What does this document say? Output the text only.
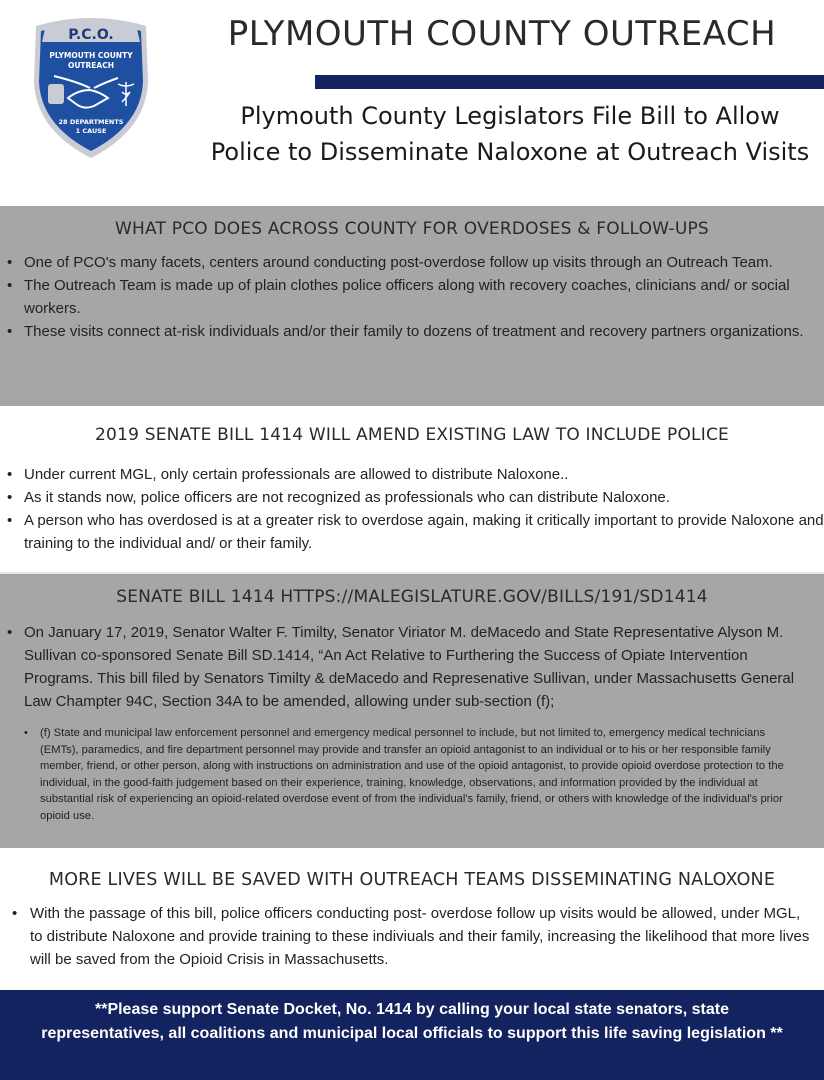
P.C.O.
PLYMOUTH COUNTY
OUTREACH
28 DEPARTMENTS
1 CAUSE
PLYMOUTH COUNTY OUTREACH
Plymouth County Legislators File Bill to Allow Police to Disseminate Naloxone at Outreach Visits
WHAT PCO DOES ACROSS COUNTY FOR OVERDOSES & FOLLOW-UPS
• One of PCO's many facets, centers around conducting post-overdose follow up visits through an Outreach Team.
• The Outreach Team is made up of plain clothes police officers along with recovery coaches, clinicians and/ or social workers.
• These visits connect at-risk individuals and/or their family to dozens of treatment and recovery partners organizations.
2019 SENATE BILL 1414 WILL AMEND EXISTING LAW TO INCLUDE POLICE
• Under current MGL, only certain professionals are allowed to distribute Naloxone..
• As it stands now, police officers are not recognized as professionals who can distribute Naloxone.
• A person who has overdosed is at a greater risk to overdose again, making it critically important to provide Naloxone and training to the individual and/ or their family.
SENATE BILL 1414 HTTPS://MALEGISLATURE.GOV/BILLS/191/SD1414
• On January 17, 2019, Senator Walter F. Timilty, Senator Viriator M. deMacedo and State Representative Alyson M. Sullivan co-sponsored Senate Bill SD.1414, “An Act Relative to Furthering the Success of Opiate Intervention Programs. This bill filed by Senators Timilty & deMacedo and Represenative Sullivan, under Massachusetts General Law Champter 94C, Section 34A to be amended, allowing under sub-section (f);
• (f) State and municipal law enforcement personnel and emergency medical personnel to include, but not limited to, emergency medical technicians (EMTs), paramedics, and fire department personnel may provide and transfer an opioid antagonist to an individual or to his or her responsible family member, friend, or other person, along with instructions on administration and use of the opioid antagonist, to provide opioid overdose protection to the individual, in the good-faith judgement based on their experience, training, knowledge, observations, and information provided by the individual at substantial risk of experiencing an opioid-related overdose event of from the individual's family, friend, or others with knowledge of the individual's prior opioid use.
MORE LIVES WILL BE SAVED WITH OUTREACH TEAMS DISSEMINATING NALOXONE
• With the passage of this bill, police officers conducting post- overdose follow up visits would be allowed, under MGL, to distribute Naloxone and provide training to these indiviuals and their family, increasing the likelihood that more lives will be saved from the Opioid Crisis in Massachusetts.
**Please support Senate Docket, No. 1414 by calling your local state senators, state representatives, all coalitions and municipal local officials to support this life saving legislation **
